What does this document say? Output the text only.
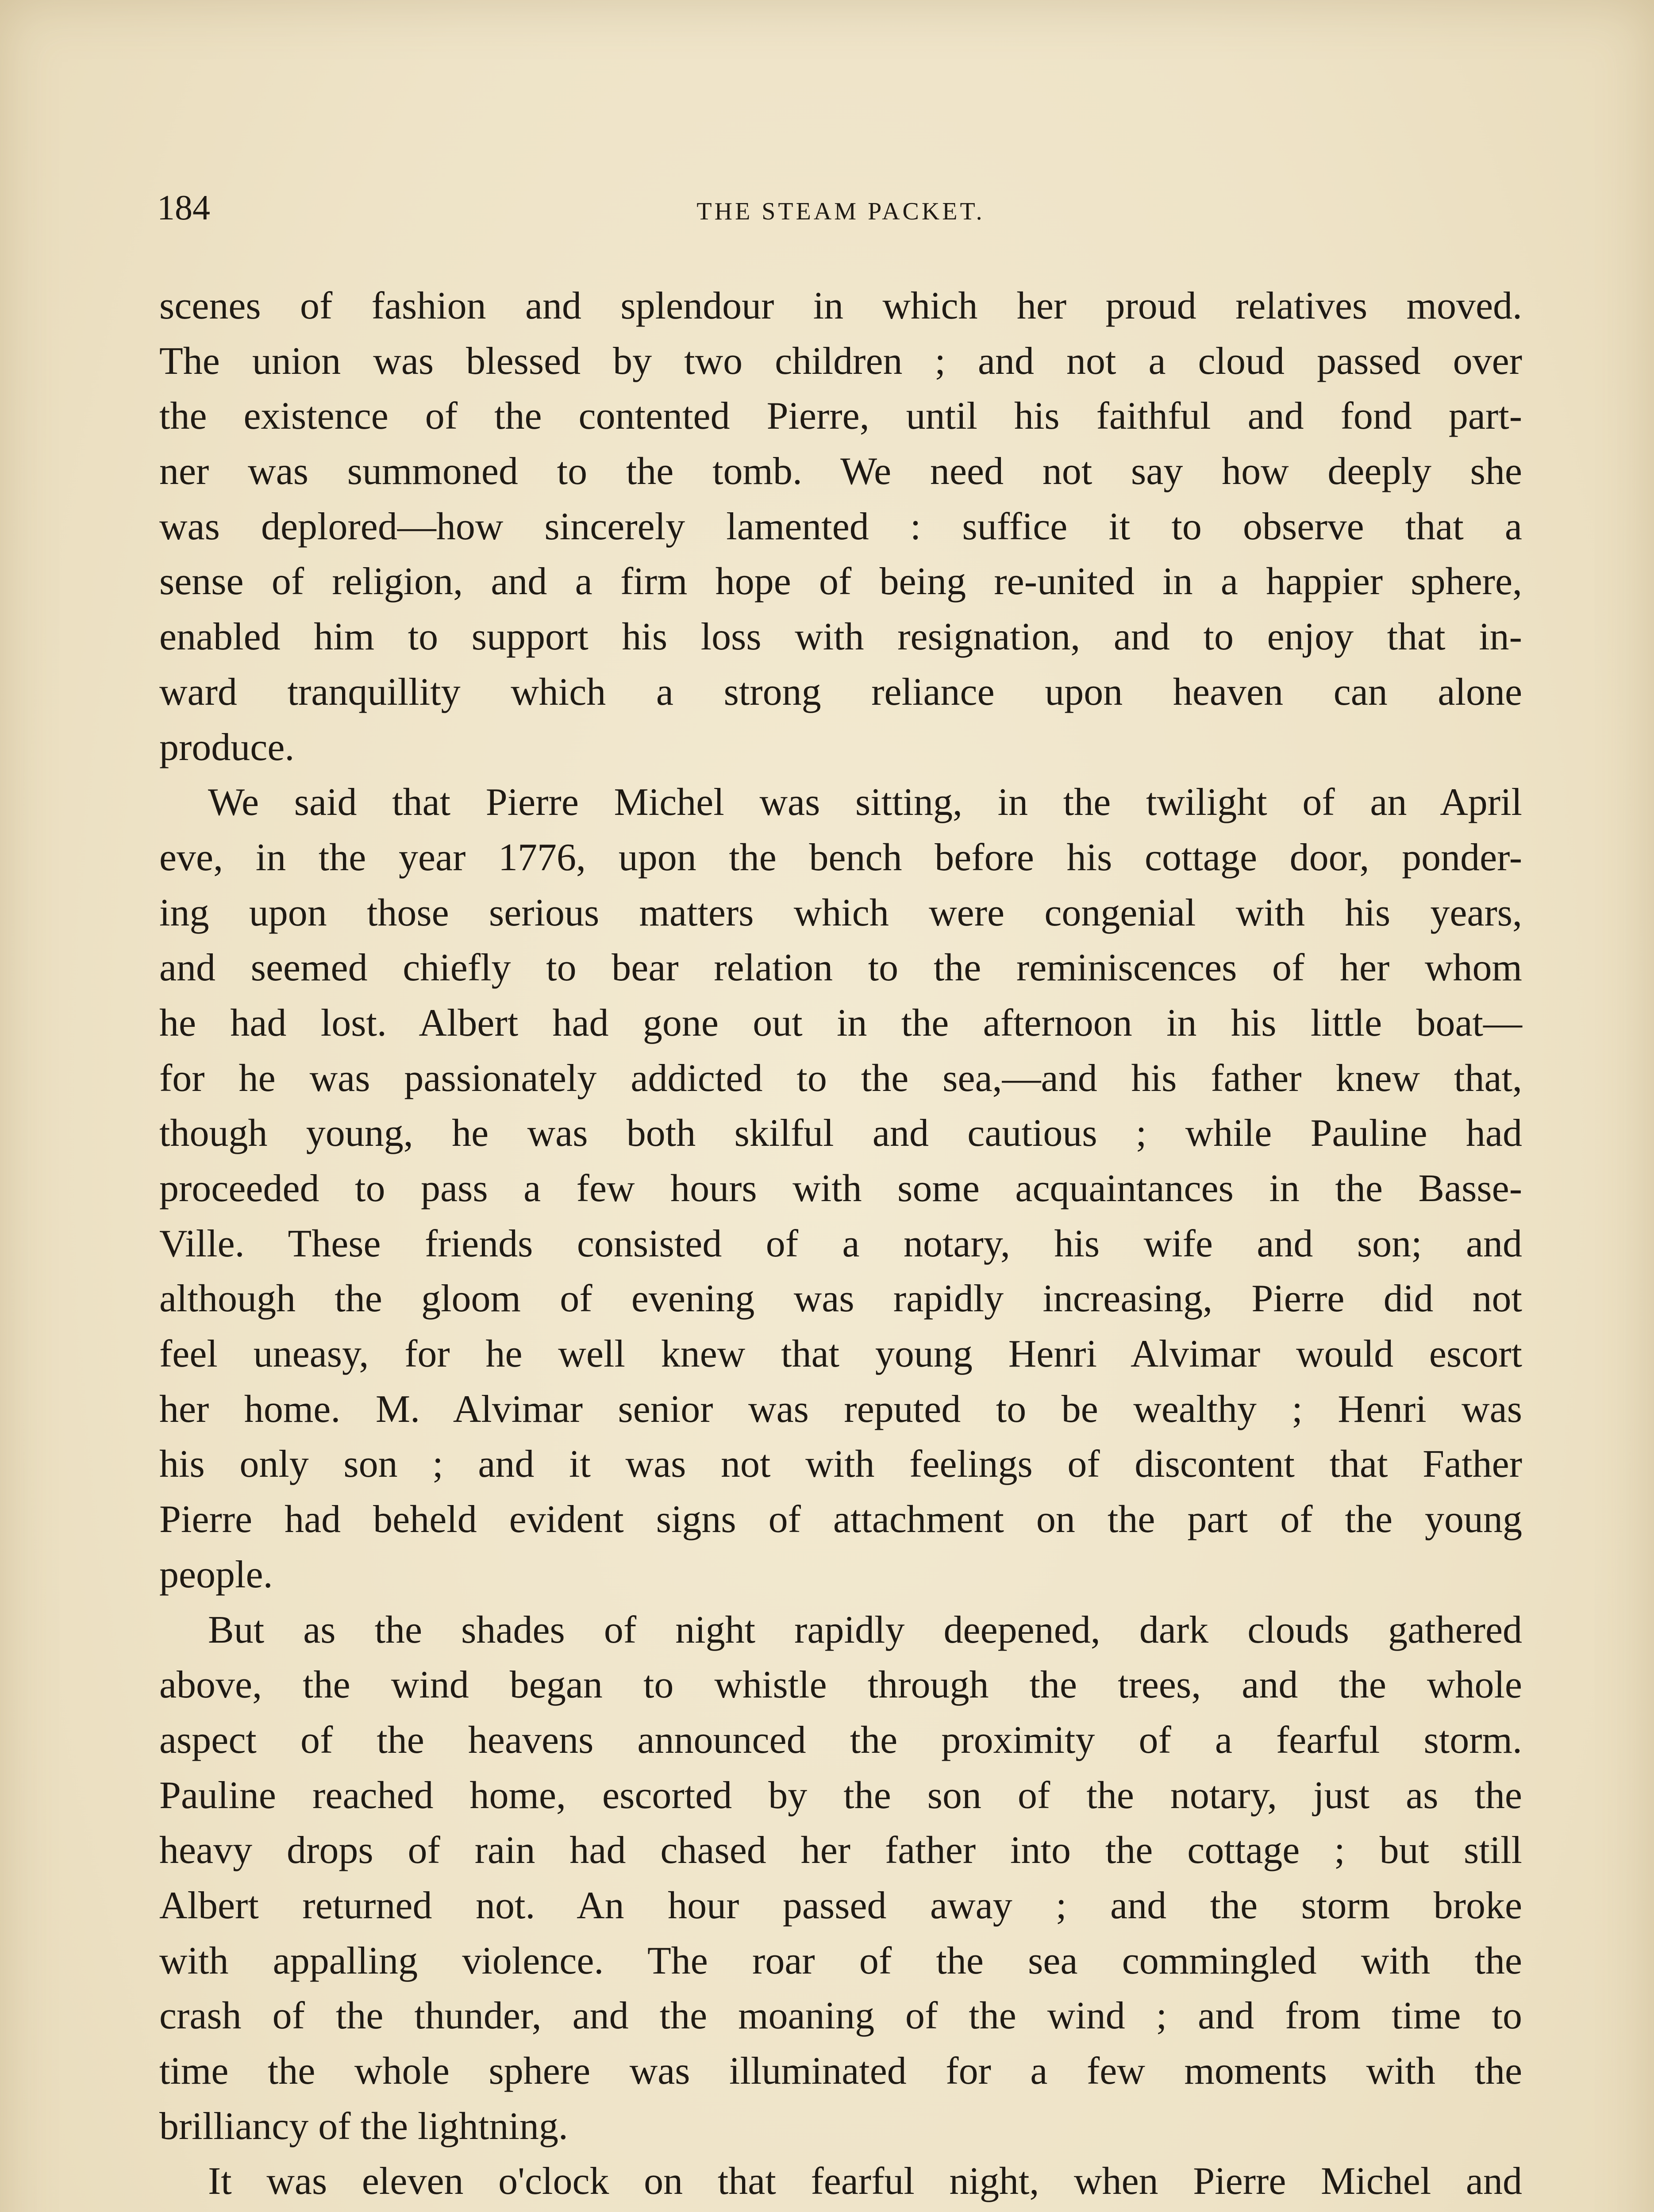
184	THE STEAM PACKET.
scenes of fashion and splendour in which her proud relatives moved.
The union was blessed by two children ; and not a cloud passed over
the existence of the contented Pierre, until his faithful and fond part-
ner was summoned to the tomb. We need not say how deeply she
was deplored—how sincerely lamented : suffice it to observe that a
sense of religion, and a firm hope of being re-united in a happier sphere,
enabled him to support his loss with resignation, and to enjoy that in-
ward tranquillity which a strong reliance upon heaven can alone
produce.
We said that Pierre Michel was sitting, in the twilight of an April
eve, in the year 1776, upon the bench before his cottage door, ponder-
ing upon those serious matters which were congenial with his years,
and seemed chiefly to bear relation to the reminiscences of her whom
he had lost. Albert had gone out in the afternoon in his little boat—
for he was passionately addicted to the sea,—and his father knew that,
though young, he was both skilful and cautious ; while Pauline had
proceeded to pass a few hours with some acquaintances in the Basse-
Ville. These friends consisted of a notary, his wife and son; and
although the gloom of evening was rapidly increasing, Pierre did not
feel uneasy, for he well knew that young Henri Alvimar would escort
her home. M. Alvimar senior was reputed to be wealthy ; Henri was
his only son ; and it was not with feelings of discontent that Father
Pierre had beheld evident signs of attachment on the part of the young
people.
But as the shades of night rapidly deepened, dark clouds gathered
above, the wind began to whistle through the trees, and the whole
aspect of the heavens announced the proximity of a fearful storm.
Pauline reached home, escorted by the son of the notary, just as the
heavy drops of rain had chased her father into the cottage ; but still
Albert returned not. An hour passed away ; and the storm broke
with appalling violence. The roar of the sea commingled with the
crash of the thunder, and the moaning of the wind ; and from time to
time the whole sphere was illuminated for a few moments with the
brilliancy of the lightning.
It was eleven o'clock on that fearful night, when Pierre Michel and
